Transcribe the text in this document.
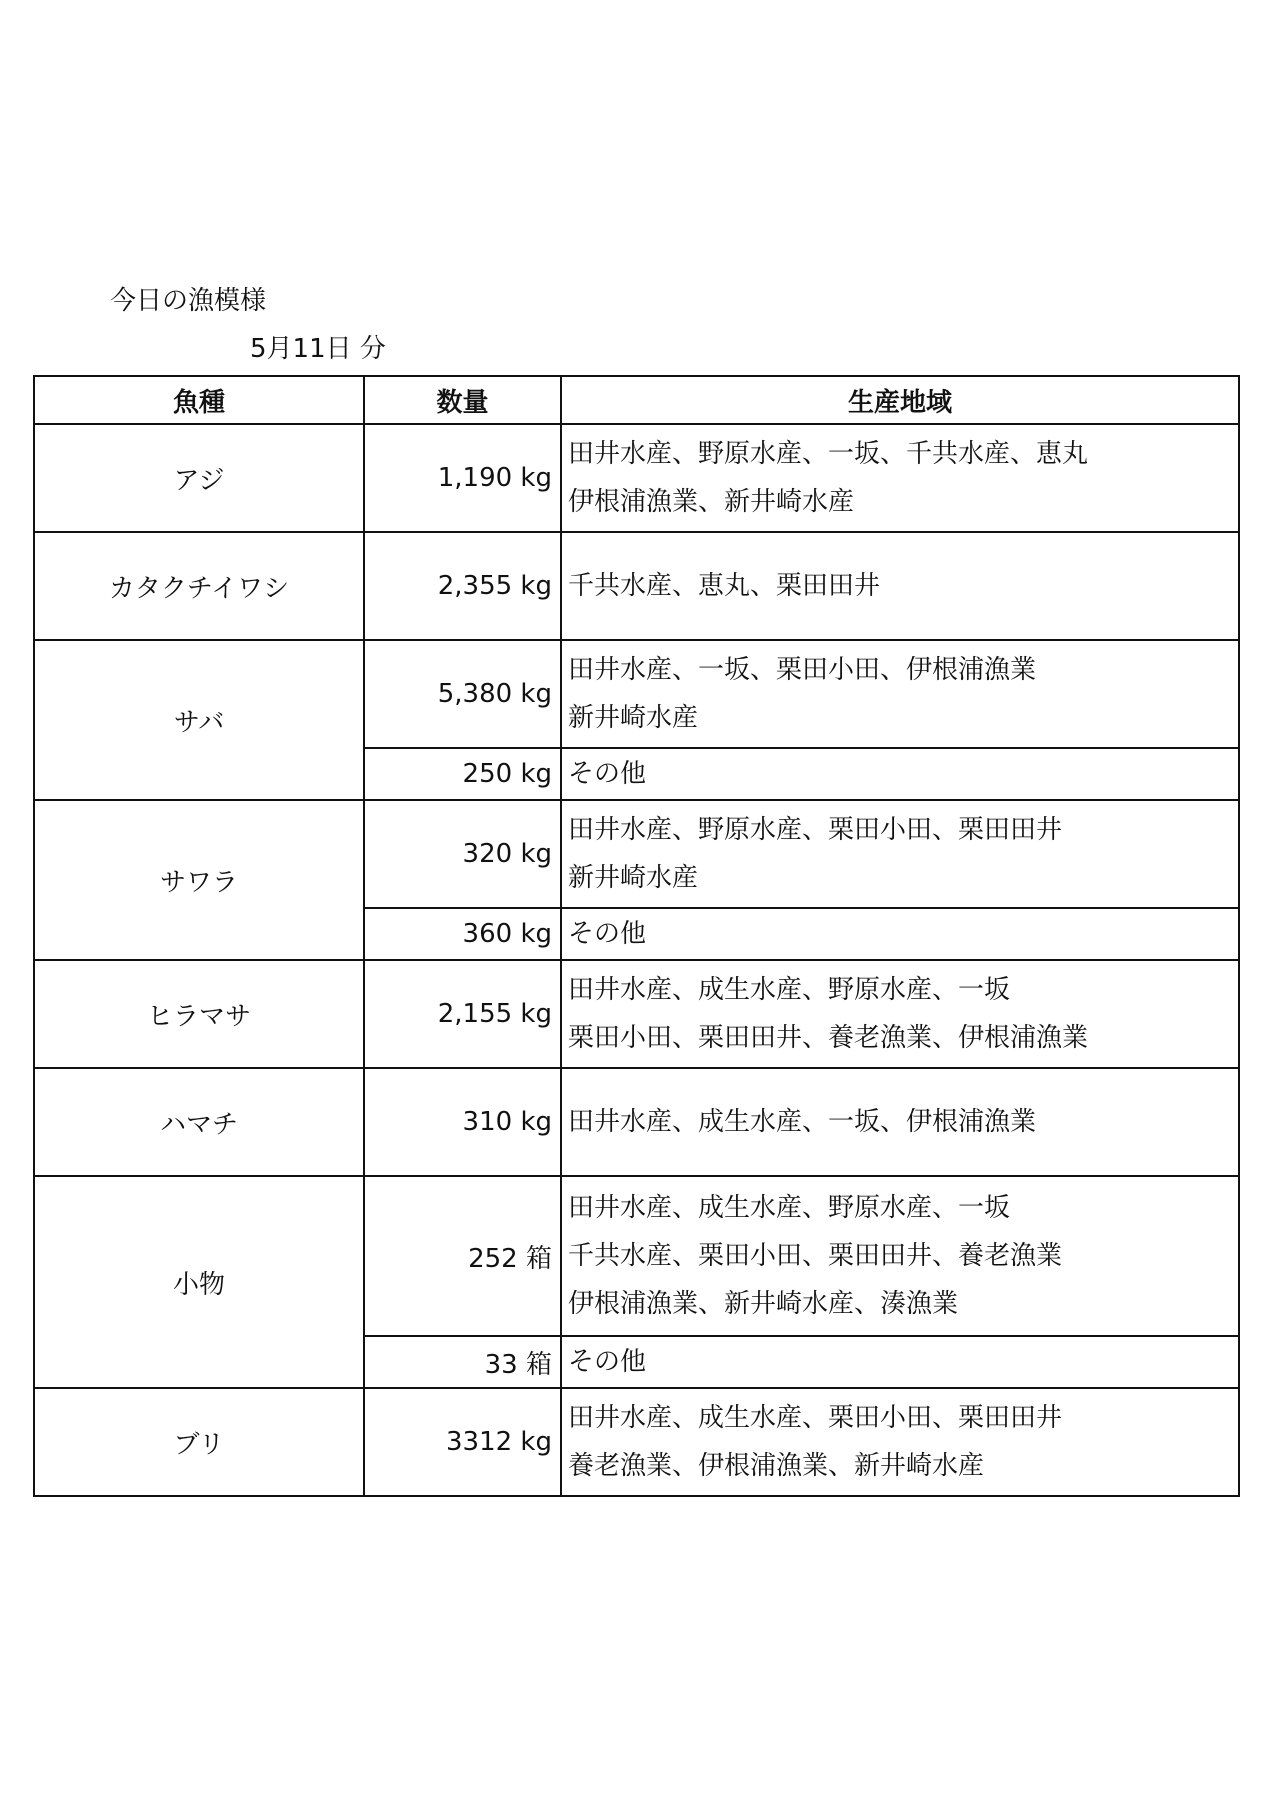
今日の漁模様
5月11日 分
魚種	数量	生産地域
アジ	1,190 kg	田井水産、野原水産、一坂、千共水産、恵丸
伊根浦漁業、新井崎水産

カタクチイワシ	2,355 kg	千共水産、恵丸、栗田田井

サバ	5,380 kg	田井水産、一坂、栗田小田、伊根浦漁業
新井崎水産

	250 kg	その他

サワラ	320 kg	田井水産、野原水産、栗田小田、栗田田井
新井崎水産

	360 kg	その他

ヒラマサ	2,155 kg	田井水産、成生水産、野原水産、一坂
栗田小田、栗田田井、養老漁業、伊根浦漁業

ハマチ	310 kg	田井水産、成生水産、一坂、伊根浦漁業

小物	252 箱	田井水産、成生水産、野原水産、一坂
千共水産、栗田小田、栗田田井、養老漁業
伊根浦漁業、新井崎水産、湊漁業

	33 箱	その他

ブリ	3312 kg	田井水産、成生水産、栗田小田、栗田田井
養老漁業、伊根浦漁業、新井崎水産
